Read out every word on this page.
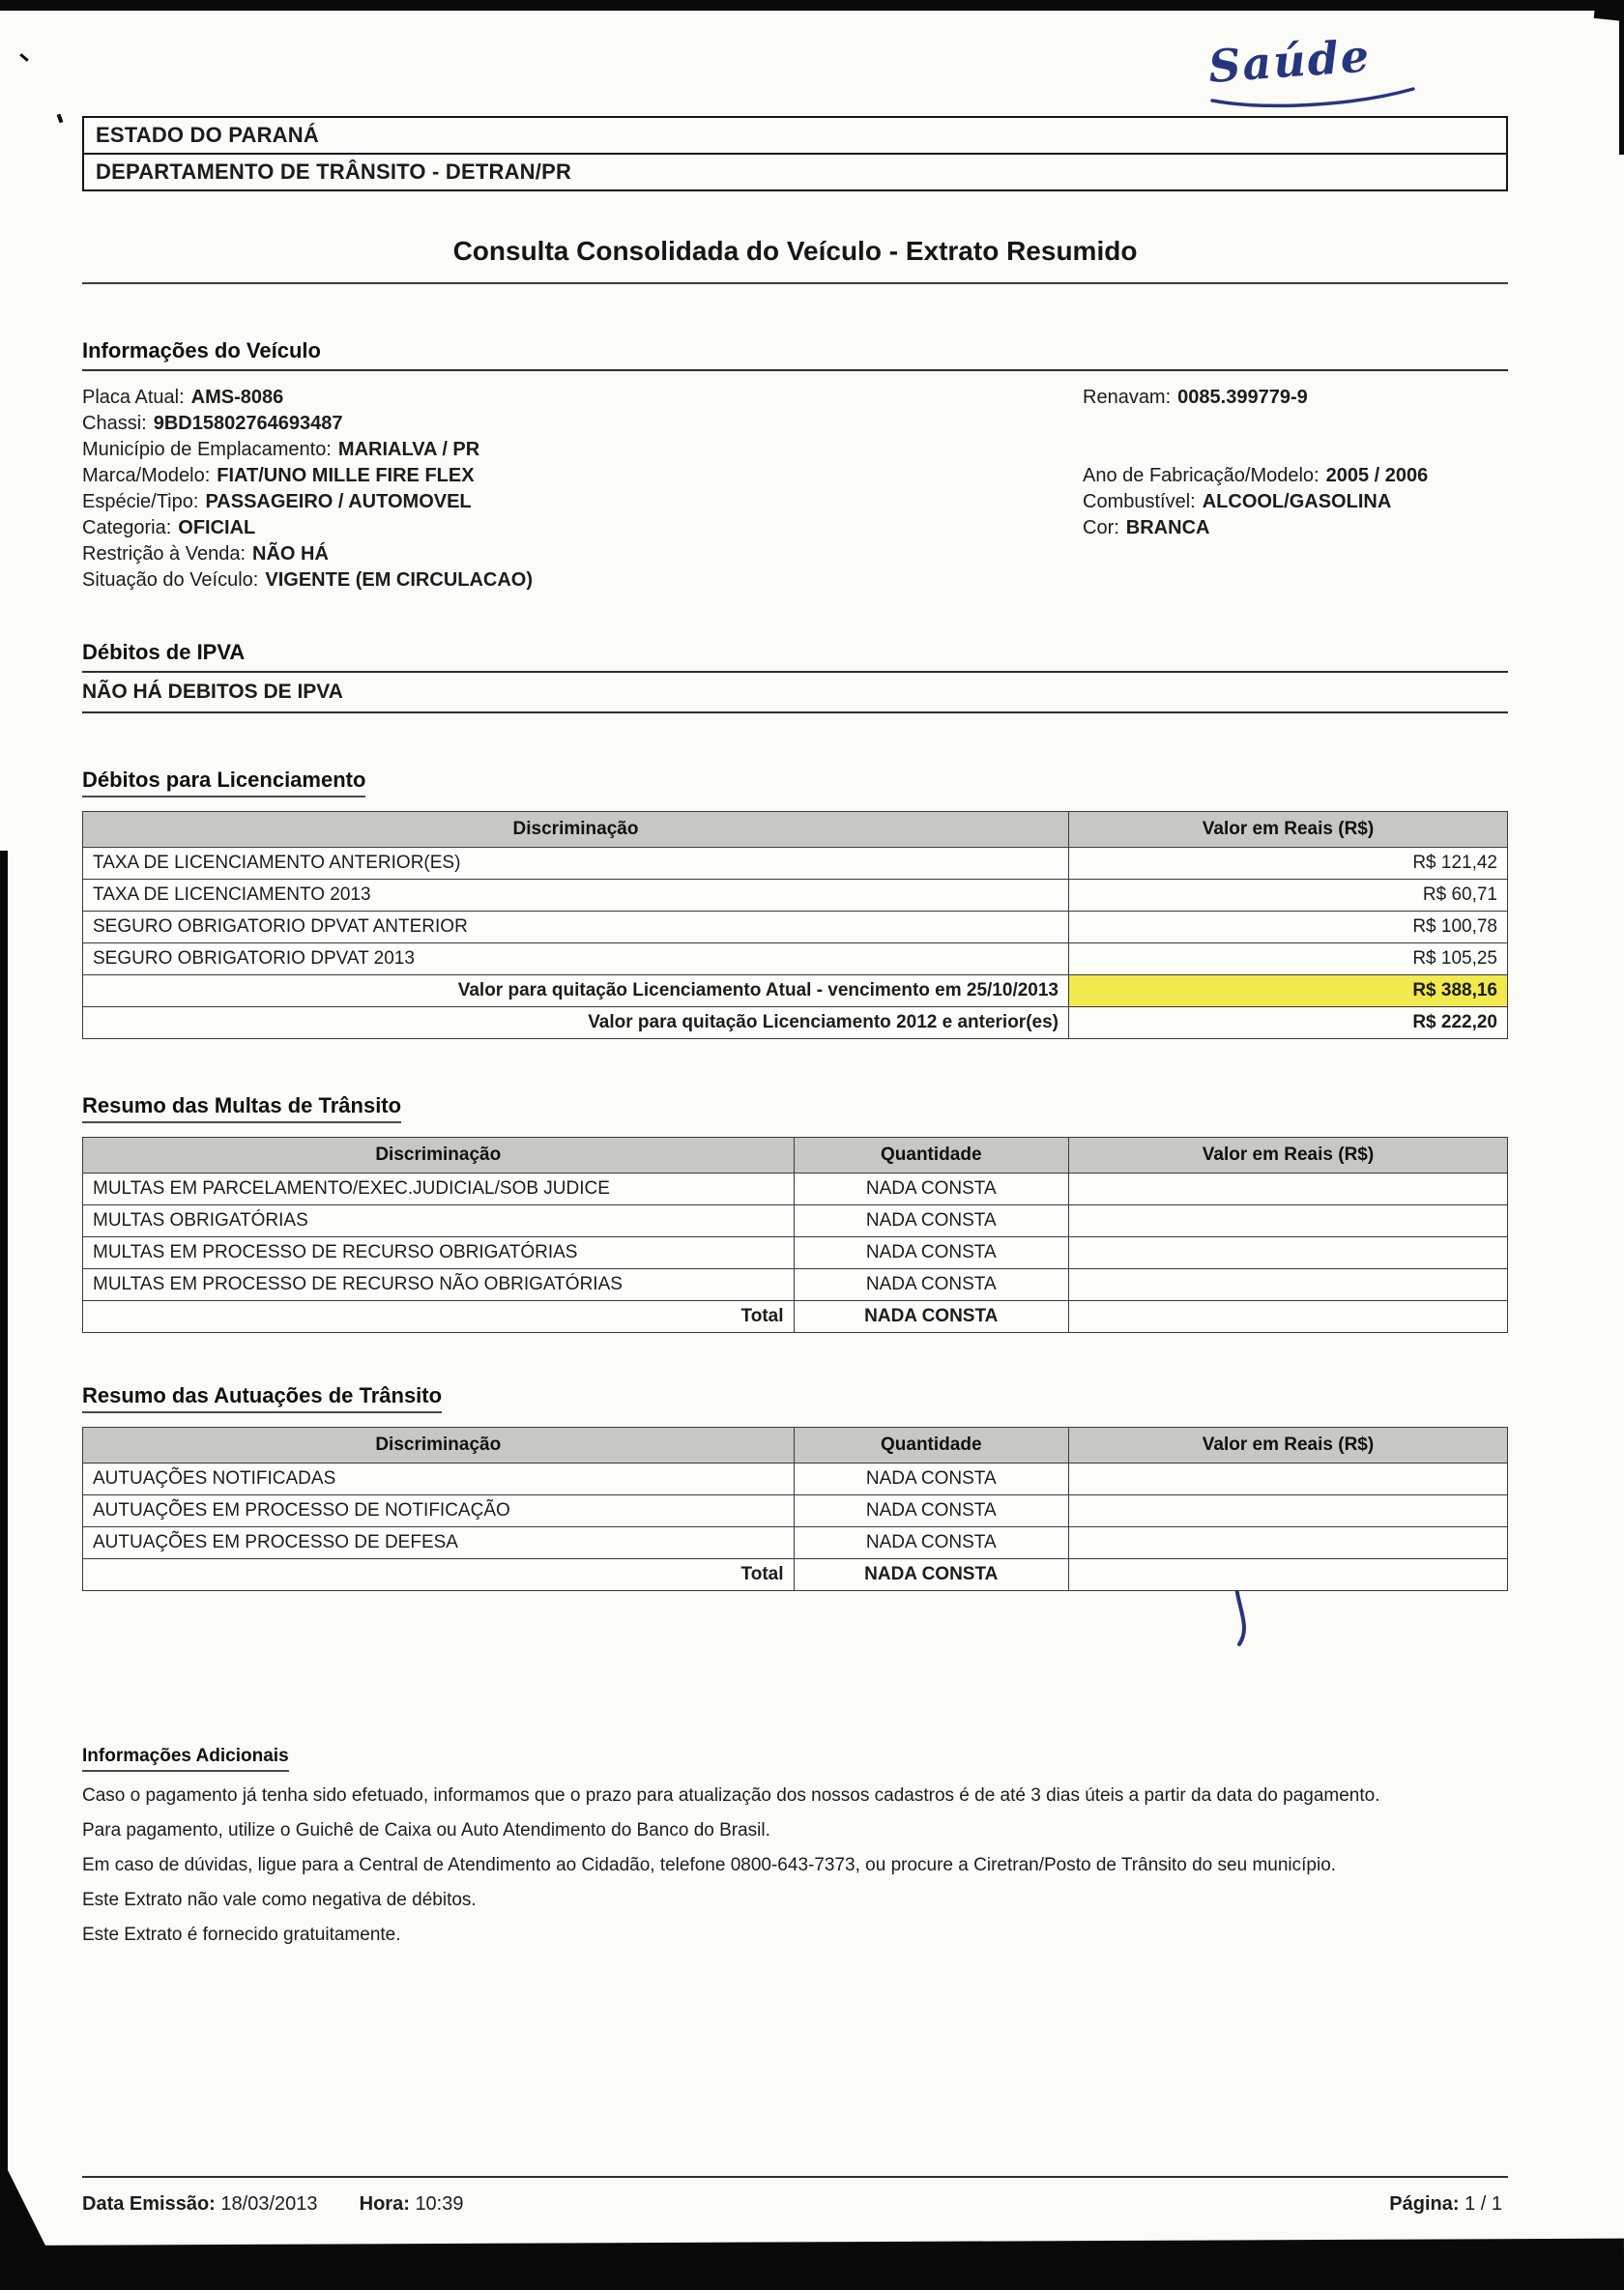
Saúde
ESTADO DO PARANÁ
DEPARTAMENTO DE TRÂNSITO - DETRAN/PR
Consulta Consolidada do Veículo - Extrato Resumido
Informações do Veículo
Placa Atual: AMS-8086
Chassi: 9BD15802764693487
Município de Emplacamento: MARIALVA / PR
Marca/Modelo: FIAT/UNO MILLE FIRE FLEX
Espécie/Tipo: PASSAGEIRO / AUTOMOVEL
Categoria: OFICIAL
Restrição à Venda: NÃO HÁ
Situação do Veículo: VIGENTE (EM CIRCULACAO)
Renavam: 0085.399779-9
Ano de Fabricação/Modelo: 2005 / 2006
Combustível: ALCOOL/GASOLINA
Cor: BRANCA
Débitos de IPVA
NÃO HÁ DEBITOS DE IPVA
Débitos para Licenciamento
Discriminação	Valor em Reais (R$)
TAXA DE LICENCIAMENTO ANTERIOR(ES)	R$ 121,42
TAXA DE LICENCIAMENTO 2013	R$ 60,71
SEGURO OBRIGATORIO DPVAT ANTERIOR	R$ 100,78
SEGURO OBRIGATORIO DPVAT 2013	R$ 105,25
Valor para quitação Licenciamento Atual - vencimento em 25/10/2013	R$ 388,16
Valor para quitação Licenciamento 2012 e anterior(es)	R$ 222,20
Resumo das Multas de Trânsito
Discriminação	Quantidade	Valor em Reais (R$)
MULTAS EM PARCELAMENTO/EXEC.JUDICIAL/SOB JUDICE	NADA CONSTA	
MULTAS OBRIGATÓRIAS	NADA CONSTA	
MULTAS EM PROCESSO DE RECURSO OBRIGATÓRIAS	NADA CONSTA	
MULTAS EM PROCESSO DE RECURSO NÃO OBRIGATÓRIAS	NADA CONSTA	
Total	NADA CONSTA	
Resumo das Autuações de Trânsito
Discriminação	Quantidade	Valor em Reais (R$)
AUTUAÇÕES NOTIFICADAS	NADA CONSTA	
AUTUAÇÕES EM PROCESSO DE NOTIFICAÇÃO	NADA CONSTA	
AUTUAÇÕES EM PROCESSO DE DEFESA	NADA CONSTA	
Total	NADA CONSTA	
Informações Adicionais
Caso o pagamento já tenha sido efetuado, informamos que o prazo para atualização dos nossos cadastros é de até 3 dias úteis a partir da data do pagamento.
Para pagamento, utilize o Guichê de Caixa ou Auto Atendimento do Banco do Brasil.
Em caso de dúvidas, ligue para a Central de Atendimento ao Cidadão, telefone 0800-643-7373, ou procure a Ciretran/Posto de Trânsito do seu município.
Este Extrato não vale como negativa de débitos.
Este Extrato é fornecido gratuitamente.
Data Emissão: 18/03/2013 Hora: 10:39	Página: 1 / 1
